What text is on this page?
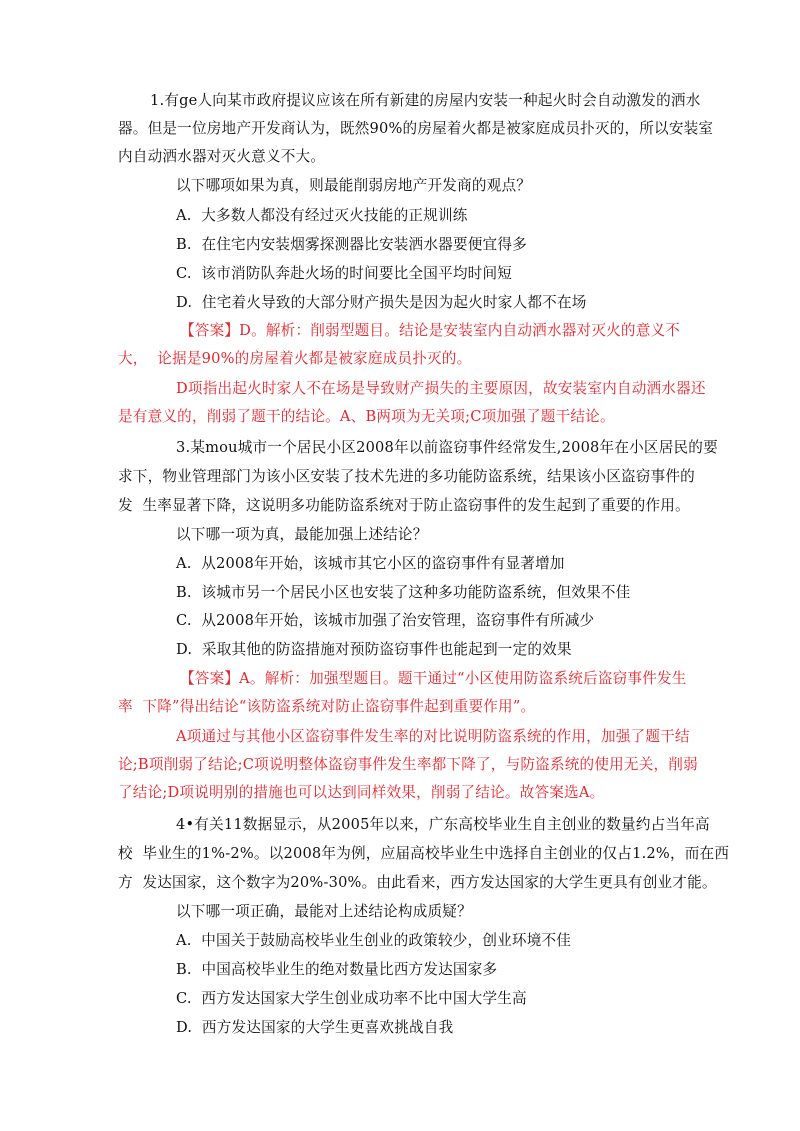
1.有ge人向某市政府提议应该在所有新建的房屋内安装一种起火时会自动激发的洒水
器。但是一位房地产开发商认为，既然90%的房屋着火都是被家庭成员扑灭的，所以安装室
内自动洒水器对灭火意义不大。
以下哪项如果为真，则最能削弱房地产开发商的观点？
A.  大多数人都没有经过灭火技能的正规训练
B.  在住宅内安装烟雾探测器比安装洒水器要便宜得多
C.  该市消防队奔赴火场的时间要比全国平均时间短
D.  住宅着火导致的大部分财产损失是因为起火时家人都不在场
【答案】D。解析：削弱型题目。结论是安装室内自动洒水器对灭火的意义不
大，  论据是90%的房屋着火都是被家庭成员扑灭的。
D项指出起火时家人不在场是导致财产损失的主要原因，故安装室内自动洒水器还
是有意义的，削弱了题干的结论。A、B两项为无关项;C项加强了题干结论。
3.某mou城市一个居民小区2008年以前盗窃事件经常发生,2008年在小区居民的要
求下，物业管理部门为该小区安装了技术先进的多功能防盗系统，结果该小区盗窃事件的
发  生率显著下降，这说明多功能防盗系统对于防止盗窃事件的发生起到了重要的作用。
以下哪一项为真，最能加强上述结论？
A.  从2008年开始，该城市其它小区的盗窃事件有显著增加
B.  该城市另一个居民小区也安装了这种多功能防盗系统，但效果不佳
C.  从2008年开始，该城市加强了治安管理，盗窃事件有所减少
D.  采取其他的防盗措施对预防盗窃事件也能起到一定的效果
【答案】A。解析：加强型题目。题干通过“小区使用防盗系统后盗窃事件发生
率  下降”得出结论“该防盗系统对防止盗窃事件起到重要作用”。
A项通过与其他小区盗窃事件发生率的对比说明防盗系统的作用，加强了题干结
论;B项削弱了结论;C项说明整体盗窃事件发生率都下降了，与防盗系统的使用无关，削弱
了结论;D项说明别的措施也可以达到同样效果，削弱了结论。故答案选A。
4•有关11数据显示，从2005年以来，广东高校毕业生自主创业的数量约占当年高
校  毕业生的1%-2%。以2008年为例，应届高校毕业生中选择自主创业的仅占1.2%，而在西
方  发达国家，这个数字为20%-30%。由此看来，西方发达国家的大学生更具有创业才能。
以下哪一项正确，最能对上述结论构成质疑？
A.  中国关于鼓励高校毕业生创业的政策较少，创业环境不佳
B.  中国高校毕业生的绝对数量比西方发达国家多
C.  西方发达国家大学生创业成功率不比中国大学生高
D.  西方发达国家的大学生更喜欢挑战自我
